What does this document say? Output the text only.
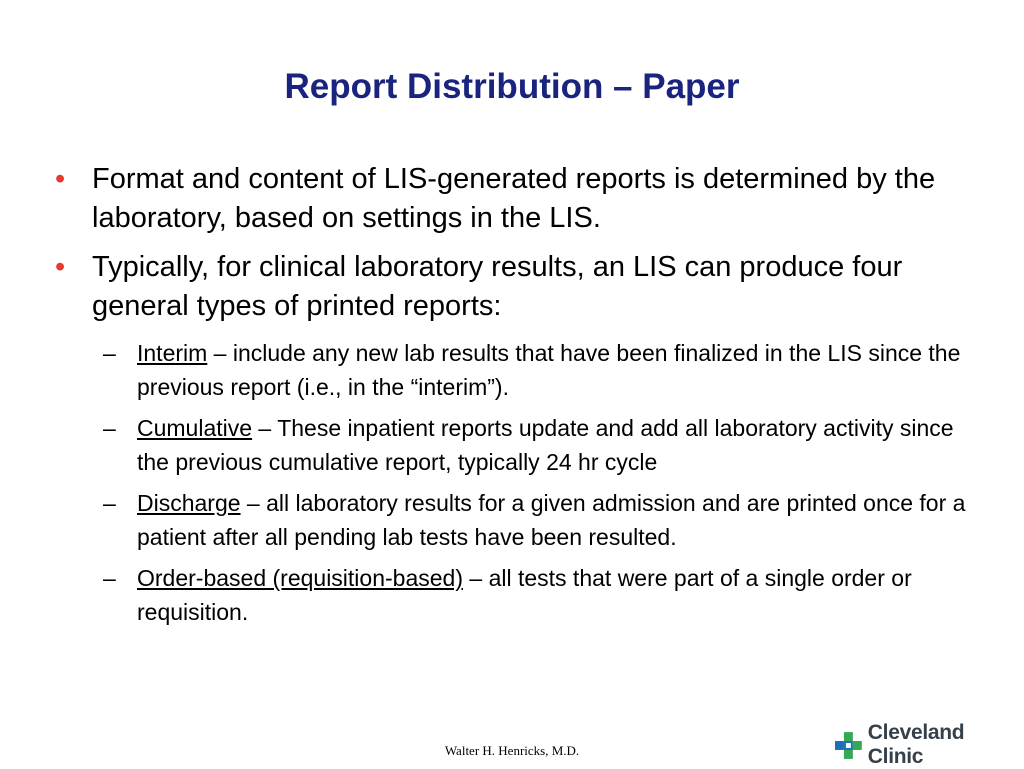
Report Distribution – Paper
• Format and content of LIS-generated reports is determined by the laboratory, based on settings in the LIS.
• Typically, for clinical laboratory results, an LIS can produce four general types of printed reports:
– Interim – include any new lab results that have been finalized in the LIS since the previous report (i.e., in the “interim”).
– Cumulative – These inpatient reports update and add all laboratory activity since the previous cumulative report, typically 24 hr cycle
– Discharge – all laboratory results for a given admission and are printed once for a patient after all pending lab tests have been resulted.
– Order-based (requisition-based) – all tests that were part of a single order or requisition.
Walter H. Henricks, M.D.
Cleveland Clinic
